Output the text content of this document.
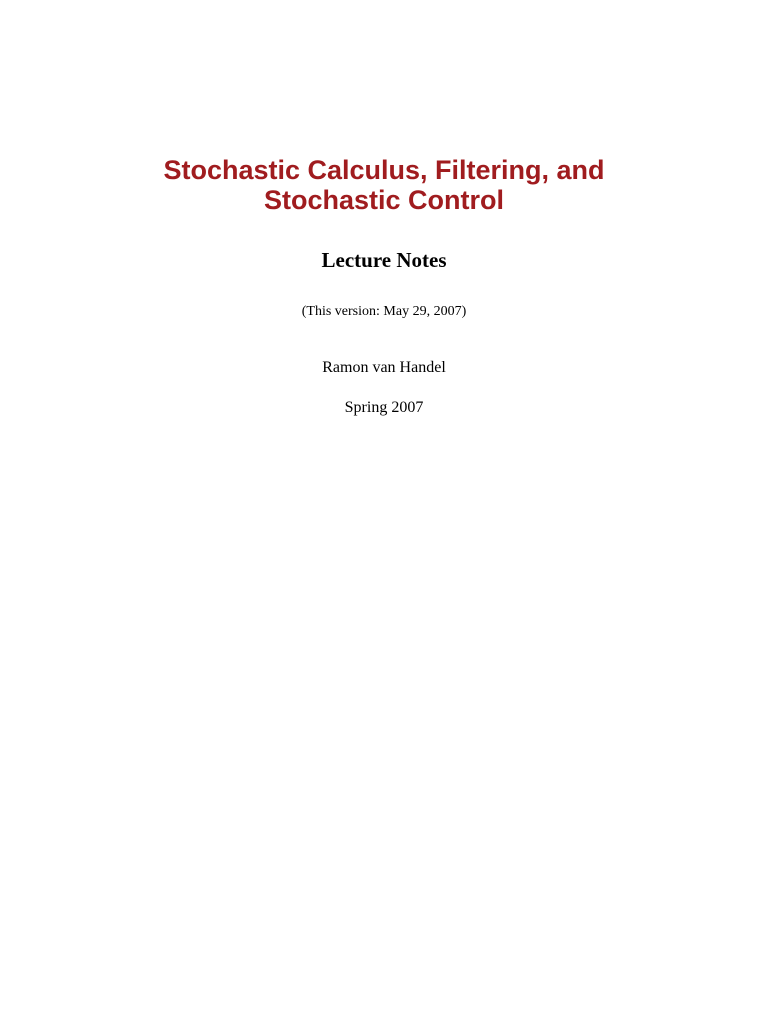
Stochastic Calculus, Filtering, and
Stochastic Control
Lecture Notes
(This version: May 29, 2007)
Ramon van Handel
Spring 2007
